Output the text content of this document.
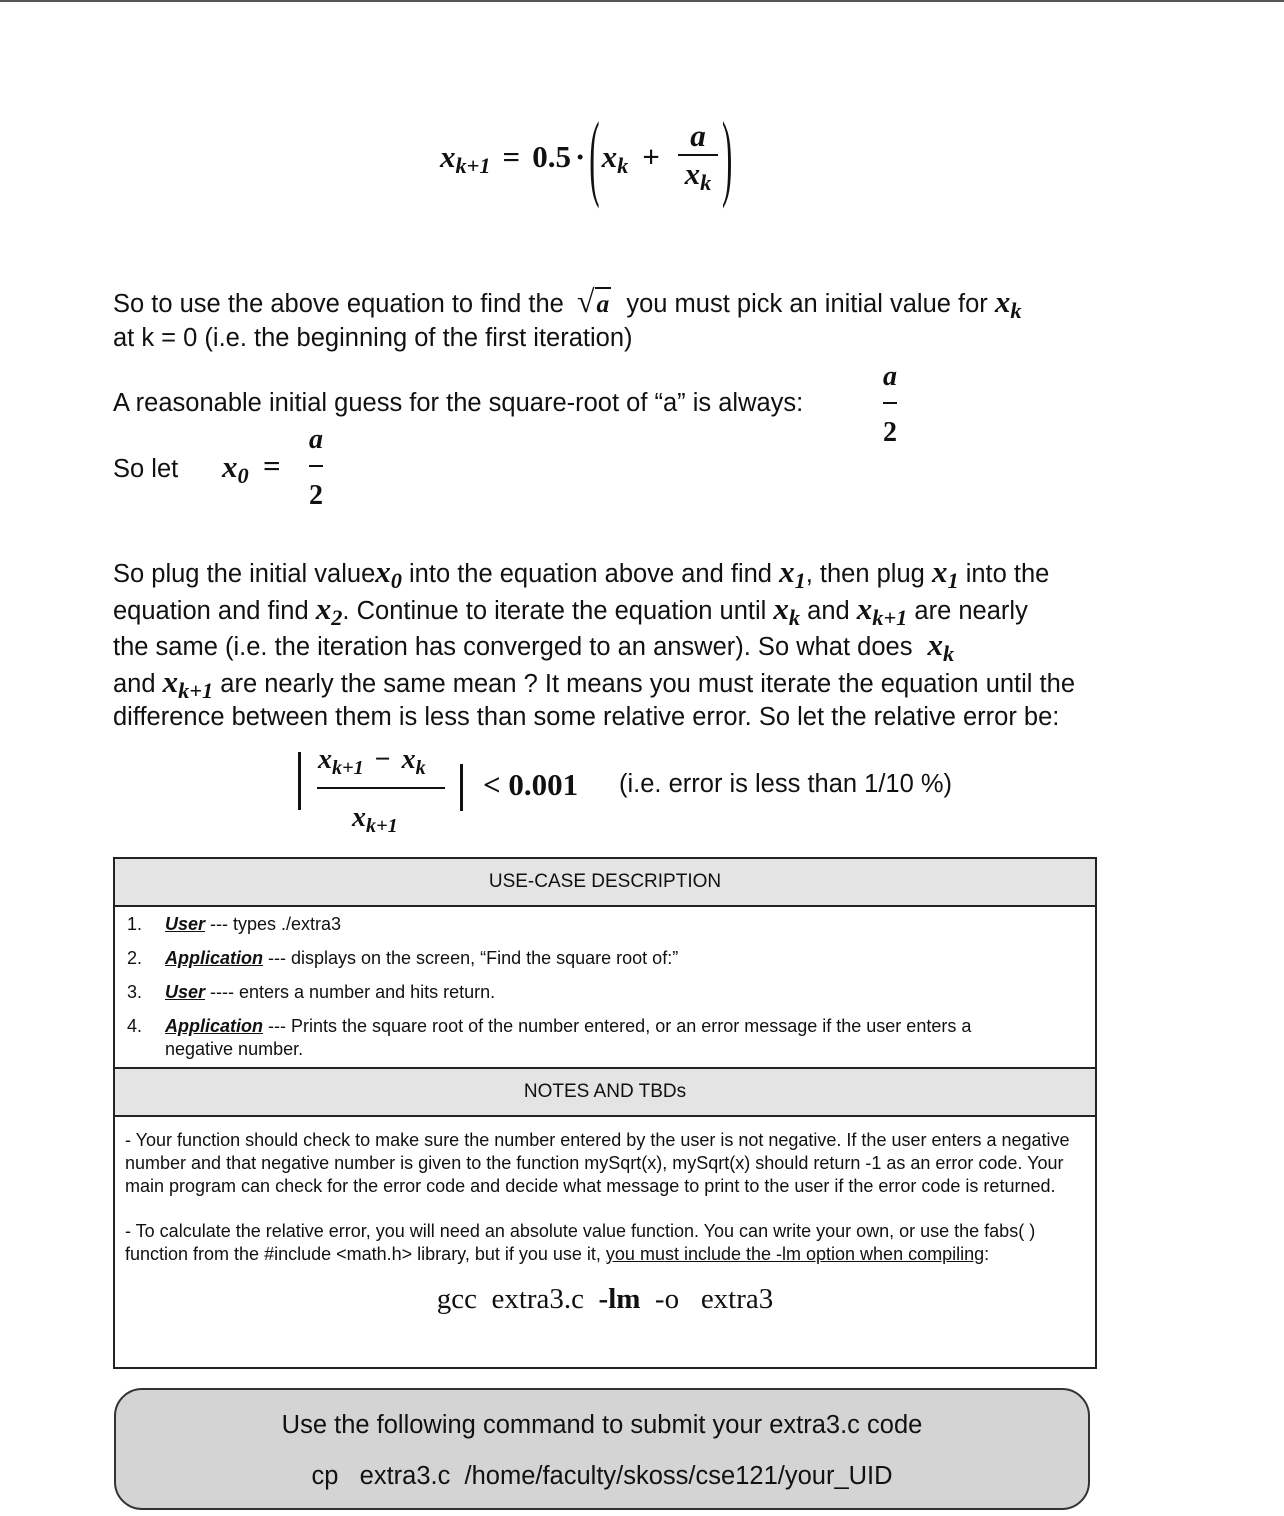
$x_{k+1} = 0.5$ · ( $x_k + \frac{a}{x_k}$ )
So to use the above equation to find the √a you must pick an initial value for $x_k$
at k = 0 (i.e. the beginning of the first iteration)
A reasonable initial guess for the square-root of “a” is always:
a
2
So let $x_0$ =
a
2
So plug the initial valuex$_0$ into the equation above and find $x_1$, then plug $x_1$ into the
equation and find $x_2$. Continue to iterate the equation until $x_k$ and $x_{k+1}$ are nearly
the same (i.e. the iteration has converged to an answer). So what does $x_k$
and $x_{k+1}$ are nearly the same mean ? It means you must iterate the equation until the
difference between them is less than some relative error. So let the relative error be:
$x_{k+1} - x_k$
$x_{k+1}$
< 0.001 (i.e. error is less than 1/10 %)
USE-CASE DESCRIPTION
1.	User --- types ./extra3
2.	Application --- displays on the screen, “Find the square root of:”
3.	User ---- enters a number and hits return.
4.	Application --- Prints the square root of the number entered, or an error message if the user enters a negative number.
NOTES AND TBDs
- Your function should check to make sure the number entered by the user is not negative. If the user enters a negative number and that negative number is given to the function mySqrt(x), mySqrt(x) should return -1 as an error code. Your main program can check for the error code and decide what message to print to the user if the error code is returned.
- To calculate the relative error, you will need an absolute value function. You can write your own, or use the fabs( ) function from the #include <math.h> library, but if you use it, you must include the -lm option when compiling:
gcc  extra3.c  -lm  -o   extra3
Use the following command to submit your extra3.c code
cp   extra3.c  /home/faculty/skoss/cse121/your_UID
